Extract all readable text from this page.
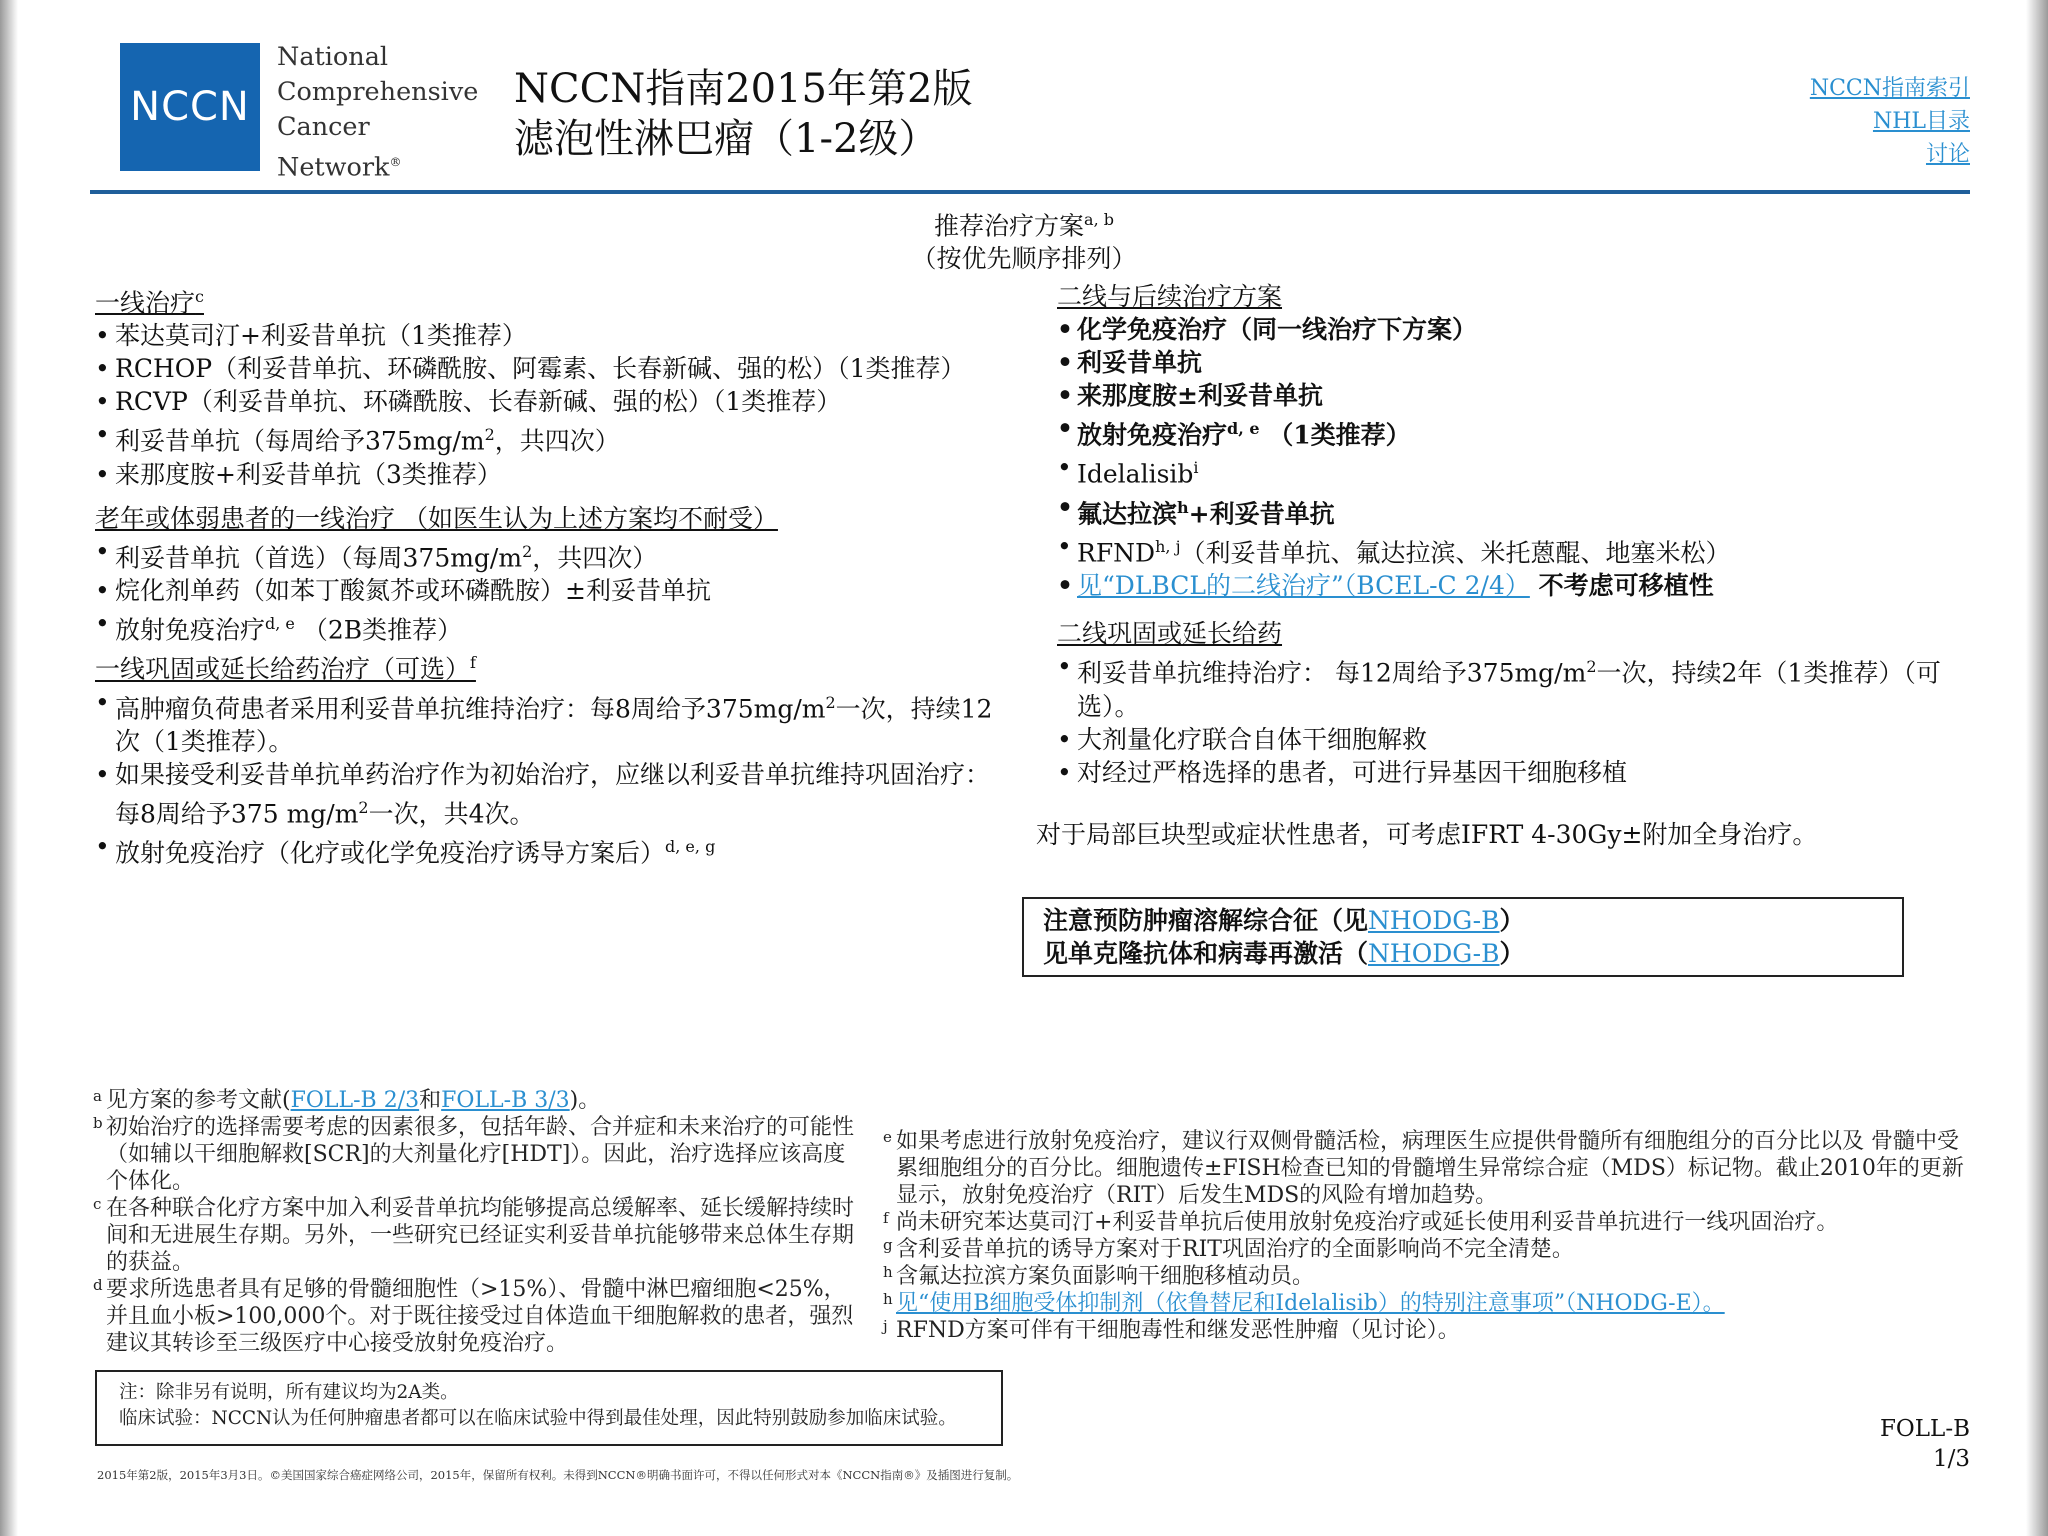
NCCN
National
Comprehensive
Cancer
Network®
NCCN指南2015年第2版
滤泡性淋巴瘤（1-2级）
NCCN指南索引
NHL目录
讨论
推荐治疗方案$^{a, b}$
（按优先顺序排列）
一线治疗$^c$
• 苯达莫司汀+利妥昔单抗（1类推荐）
• RCHOP（利妥昔单抗、环磷酰胺、阿霉素、长春新碱、强的松）（1类推荐）
• RCVP（利妥昔单抗、环磷酰胺、长春新碱、强的松）（1类推荐）
• 利妥昔单抗（每周给予$375mg/m^2$，共四次）
• 来那度胺+利妥昔单抗（3类推荐）
老年或体弱患者的一线治疗 （如医生认为上述方案均不耐受）
• 利妥昔单抗（首选）（每周$375mg/m^2$，共四次）
• 烷化剂单药（如苯丁酸氮芥或环磷酰胺）±利妥昔单抗
• 放射免疫治疗$^{d, e}$ （2B类推荐）
一线巩固或延长给药治疗（可选）$^f$
• 高肿瘤负荷患者采用利妥昔单抗维持治疗：每8周给予$375mg/m^2$一次，持续12次（1类推荐）。
• 如果接受利妥昔单抗单药治疗作为初始治疗，应继以利妥昔单抗维持巩固治疗：每8周给予375 $mg/m^2$一次，共4次。
• 放射免疫治疗（化疗或化学免疫治疗诱导方案后）$^{d, e, g}$
二线与后续治疗方案
• 化学免疫治疗（同一线治疗下方案）
• 利妥昔单抗
• 来那度胺±利妥昔单抗
• 放射免疫治疗$^{d, e}$ （1类推荐）
• Idelalisib$^i$
• 氟达拉滨$^h$+利妥昔单抗
• RFND$^{h, j}$（利妥昔单抗、氟达拉滨、米托蒽醌、地塞米松）
• 见“DLBCL的二线治疗”（BCEL-C 2/4） 不考虑可移植性
二线巩固或延长给药
• 利妥昔单抗维持治疗： 每12周给予$375mg/m^2$一次，持续2年（1类推荐）（可选）。
• 大剂量化疗联合自体干细胞解救
• 对经过严格选择的患者，可进行异基因干细胞移植
对于局部巨块型或症状性患者，可考虑IFRT 4-30Gy±附加全身治疗。
注意预防肿瘤溶解综合征（见NHODG-B）
见单克隆抗体和病毒再激活（NHODG-B）
a 见方案的参考文献(FOLL-B 2/3和FOLL-B 3/3)。
b 初始治疗的选择需要考虑的因素很多，包括年龄、合并症和未来治疗的可能性（如辅以干细胞解救[SCR]的大剂量化疗[HDT]）。因此，治疗选择应该高度个体化。
c 在各种联合化疗方案中加入利妥昔单抗均能够提高总缓解率、延长缓解持续时间和无进展生存期。另外，一些研究已经证实利妥昔单抗能够带来总体生存期的获益。
d 要求所选患者具有足够的骨髓细胞性（>15%）、骨髓中淋巴瘤细胞<25%，并且血小板>100,000个。对于既往接受过自体造血干细胞解救的患者，强烈建议其转诊至三级医疗中心接受放射免疫治疗。
e 如果考虑进行放射免疫治疗，建议行双侧骨髓活检，病理医生应提供骨髓所有细胞组分的百分比以及 骨髓中受累细胞组分的百分比。细胞遗传±FISH检查已知的骨髓增生异常综合症（MDS）标记物。截止2010年的更新显示，放射免疫治疗（RIT）后发生MDS的风险有增加趋势。
f 尚未研究苯达莫司汀+利妥昔单抗后使用放射免疫治疗或延长使用利妥昔单抗进行一线巩固治疗。
g 含利妥昔单抗的诱导方案对于RIT巩固治疗的全面影响尚不完全清楚。
h 含氟达拉滨方案负面影响干细胞移植动员。
h 见“使用B细胞受体抑制剂（依鲁替尼和Idelalisib）的特别注意事项”（NHODG-E）。
j RFND方案可伴有干细胞毒性和继发恶性肿瘤（见讨论）。
注：除非另有说明，所有建议均为2A类。
临床试验：NCCN认为任何肿瘤患者都可以在临床试验中得到最佳处理，因此特别鼓励参加临床试验。	FOLL-B
1/3
2015年第2版，2015年3月3日。©美国国家综合癌症网络公司，2015年，保留所有权利。未得到NCCN®明确书面许可，不得以任何形式对本《NCCN指南®》及插图进行复制。
